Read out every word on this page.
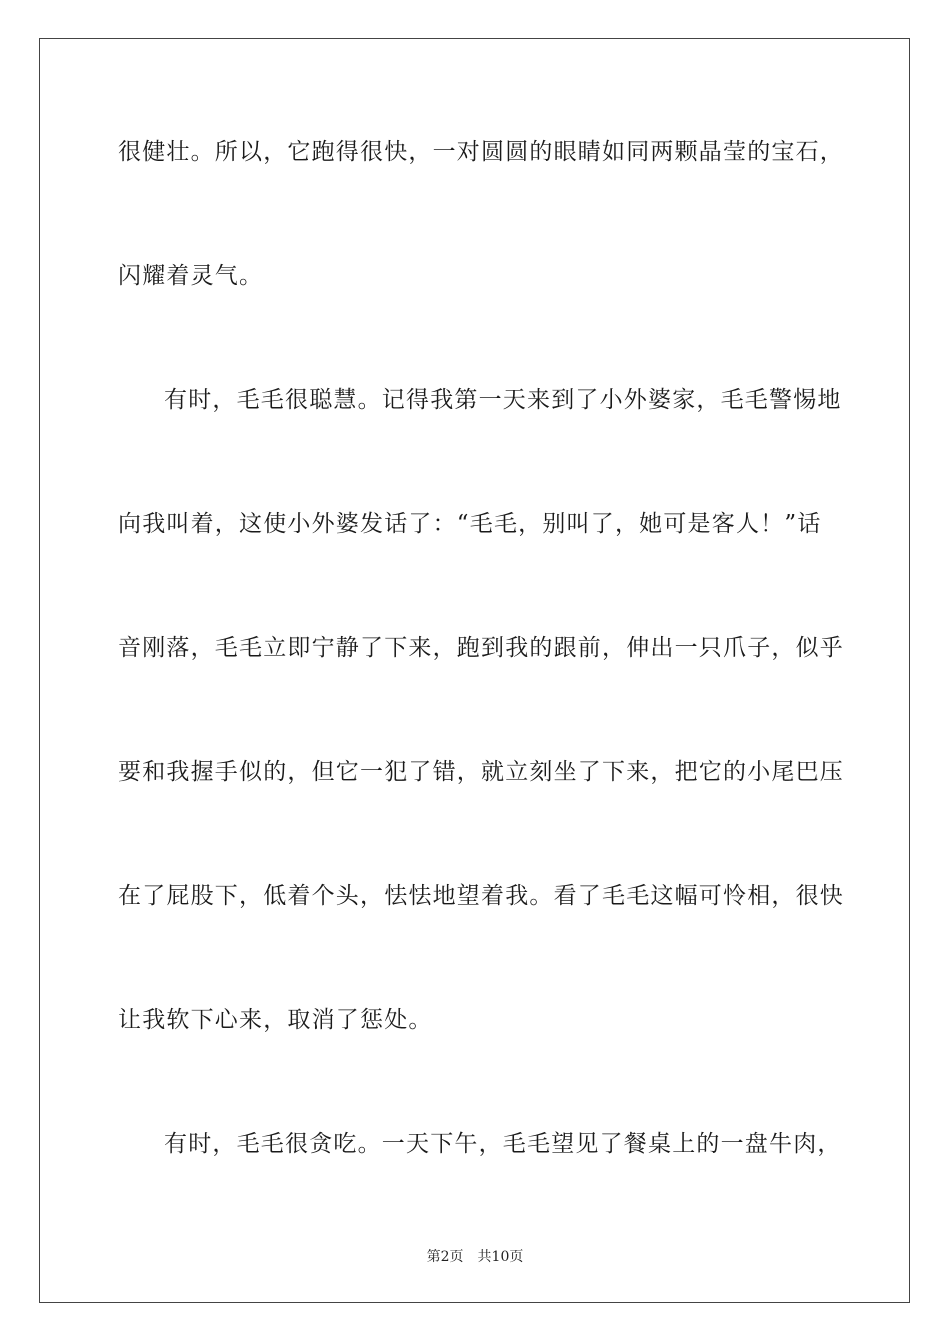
很健壮。所以，它跑得很快，一对圆圆的眼睛如同两颗晶莹的宝石，
闪耀着灵气。
有时，毛毛很聪慧。记得我第一天来到了小外婆家，毛毛警惕地
向我叫着，这使小外婆发话了：“毛毛，别叫了，她可是客人！”话
音刚落，毛毛立即宁静了下来，跑到我的跟前，伸出一只爪子，似乎
要和我握手似的，但它一犯了错，就立刻坐了下来，把它的小尾巴压
在了屁股下，低着个头，怯怯地望着我。看了毛毛这幅可怜相，很快
让我软下心来，取消了惩处。
有时，毛毛很贪吃。一天下午，毛毛望见了餐桌上的一盘牛肉，
第2页 共10页
